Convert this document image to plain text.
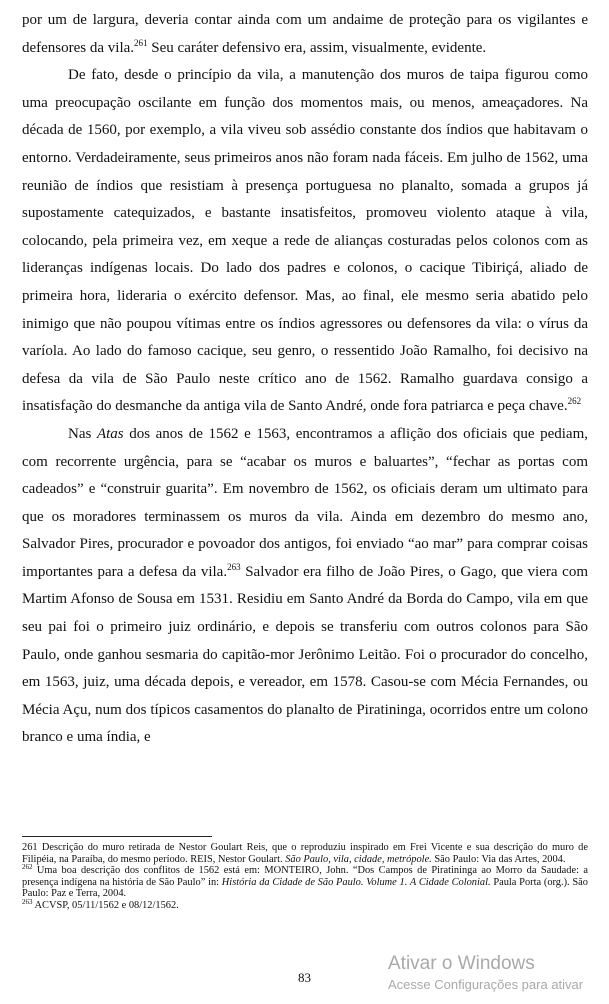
por um de largura, deveria contar ainda com um andaime de proteção para os vigilantes e defensores da vila.$^{261}$ Seu caráter defensivo era, assim, visualmente, evidente.

De fato, desde o princípio da vila, a manutenção dos muros de taipa figurou como uma preocupação oscilante em função dos momentos mais, ou menos, ameaçadores. Na década de 1560, por exemplo, a vila viveu sob assédio constante dos índios que habitavam o entorno. Verdadeiramente, seus primeiros anos não foram nada fáceis. Em julho de 1562, uma reunião de índios que resistiam à presença portuguesa no planalto, somada a grupos já supostamente catequizados, e bastante insatisfeitos, promoveu violento ataque à vila, colocando, pela primeira vez, em xeque a rede de alianças costuradas pelos colonos com as lideranças indígenas locais. Do lado dos padres e colonos, o cacique Tibiriçá, aliado de primeira hora, lideraria o exército defensor. Mas, ao final, ele mesmo seria abatido pelo inimigo que não poupou vítimas entre os índios agressores ou defensores da vila: o vírus da varíola. Ao lado do famoso cacique, seu genro, o ressentido João Ramalho, foi decisivo na defesa da vila de São Paulo neste crítico ano de 1562. Ramalho guardava consigo a insatisfação do desmanche da antiga vila de Santo André, onde fora patriarca e peça chave.$^{262}$

Nas Atas dos anos de 1562 e 1563, encontramos a aflição dos oficiais que pediam, com recorrente urgência, para se “acabar os muros e baluartes”, “fechar as portas com cadeados” e “construir guarita”. Em novembro de 1562, os oficiais deram um ultimato para que os moradores terminassem os muros da vila. Ainda em dezembro do mesmo ano, Salvador Pires, procurador e povoador dos antigos, foi enviado “ao mar” para comprar coisas importantes para a defesa da vila.$^{263}$ Salvador era filho de João Pires, o Gago, que viera com Martim Afonso de Sousa em 1531. Residiu em Santo André da Borda do Campo, vila em que seu pai foi o primeiro juiz ordinário, e depois se transferiu com outros colonos para São Paulo, onde ganhou sesmaria do capitão-mor Jerônimo Leitão. Foi o procurador do concelho, em 1563, juiz, uma década depois, e vereador, em 1578. Casou-se com Mécia Fernandes, ou Mécia Açu, num dos típicos casamentos do planalto de Piratininga, ocorridos entre um colono branco e uma índia, e

261 Descrição do muro retirada de Nestor Goulart Reis, que o reproduziu inspirado em Frei Vicente e sua descrição do muro de Filipéia, na Paraíba, do mesmo período. REIS, Nestor Goulart. São Paulo, vila, cidade, metrópole. São Paulo: Via das Artes, 2004.

$^{262}$ Uma boa descrição dos conflitos de 1562 está em: MONTEIRO, John. “Dos Campos de Piratininga ao Morro da Saudade: a presença indígena na história de São Paulo” in: História da Cidade de São Paulo. Volume 1. A Cidade Colonial. Paula Porta (org.). São Paulo: Paz e Terra, 2004.

$^{263}$ ACVSP, 05/11/1562 e 08/12/1562.

83
Ativar o Windows
Acesse Configurações para ativar
